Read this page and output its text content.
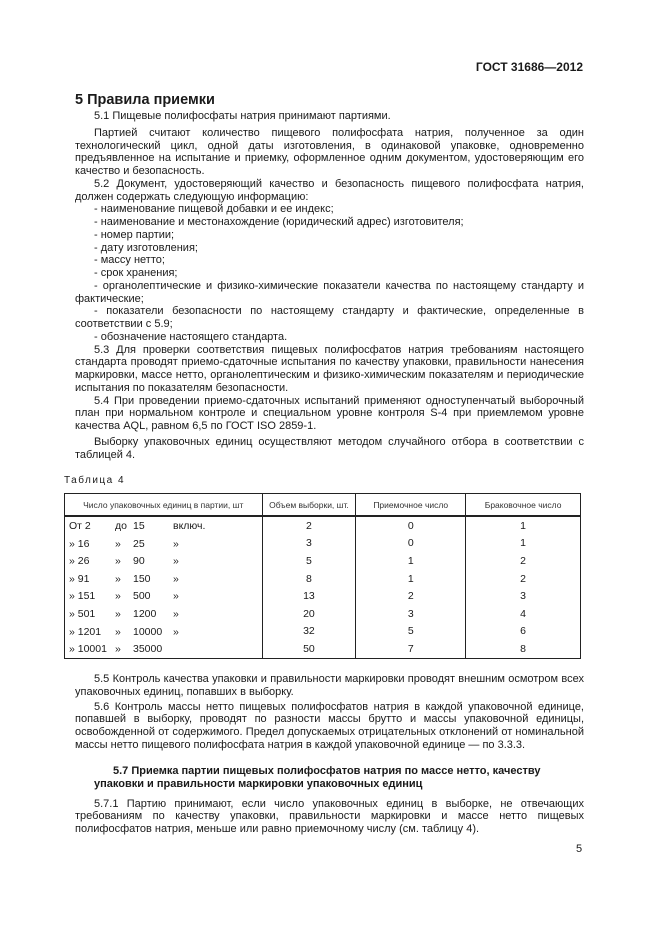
ГОСТ 31686—2012
5 Правила приемки

5.1 Пищевые полифосфаты натрия принимают партиями.

Партией считают количество пищевого полифосфата натрия, полученное за один технологический цикл, одной даты изготовления, в одинаковой упаковке, одновременно предъявленное на испытание и приемку, оформленное одним документом, удостоверяющим его качество и безопасность.

5.2 Документ, удостоверяющий качество и безопасность пищевого полифосфата натрия, должен содержать следующую информацию:

- наименование пищевой добавки и ее индекс;

- наименование и местонахождение (юридический адрес) изготовителя;

- номер партии;

- дату изготовления;

- массу нетто;

- срок хранения;

- органолептические и физико-химические показатели качества по настоящему стандарту и фактические;

- показатели безопасности по настоящему стандарту и фактические, определенные в соответствии с 5.9;

- обозначение настоящего стандарта.

5.3 Для проверки соответствия пищевых полифосфатов натрия требованиям настоящего стандарта проводят приемо-сдаточные испытания по качеству упаковки, правильности нанесения маркировки, массе нетто, органолептическим и физико-химическим показателям и периодические испытания по показателям безопасности.

5.4 При проведении приемо-сдаточных испытаний применяют одноступенчатый выборочный план при нормальном контроле и специальном уровне контроля S-4 при приемлемом уровне качества AQL, равном 6,5 по ГОСТ ISO 2859-1.

Выборку упаковочных единиц осуществляют методом случайного отбора в соответствии с таблицей 4.

Таблица 4
Число упаковочных единиц в партии, шт	Объем выборки, шт.	Приемочное число	Браковочное число

От 2 до 15 включ.	2	0	1

» 16 » 25 »	3	0	1

» 26 » 90 »	5	1	2

» 91 » 150 »	8	1	2

» 151 » 500 »	13	2	3

» 501 » 1200 »	20	3	4

» 1201 » 10000 »	32	5	6

» 10001 » 35000	50	7	8

5.5 Контроль качества упаковки и правильности маркировки проводят внешним осмотром всех упаковочных единиц, попавших в выборку.

5.6 Контроль массы нетто пищевых полифосфатов натрия в каждой упаковочной единице, попавшей в выборку, проводят по разности массы брутто и массы упаковочной единицы, освобожденной от содержимого. Предел допускаемых отрицательных отклонений от номинальной массы нетто пищевого полифосфата натрия в каждой упаковочной единице — по 3.3.3.

5.7 Приемка партии пищевых полифосфатов натрия по массе нетто, качеству упаковки и правильности маркировки упаковочных единиц

5.7.1 Партию принимают, если число упаковочных единиц в выборке, не отвечающих требованиям по качеству упаковки, правильности маркировки и массе нетто пищевых полифосфатов натрия, меньше или равно приемочному числу (см. таблицу 4).

5
